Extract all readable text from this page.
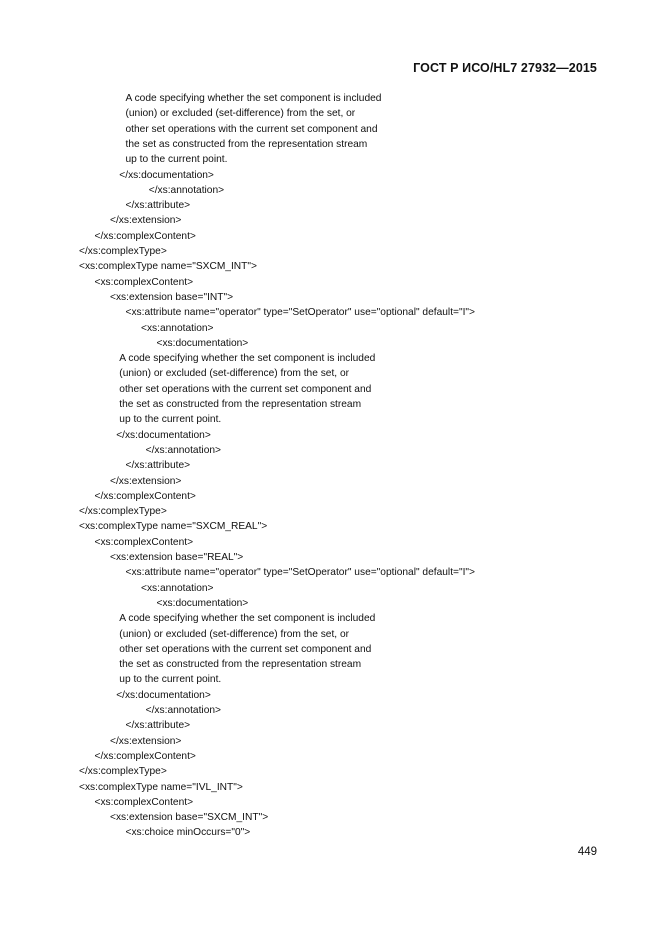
ГОСТ Р ИСО/HL7 27932—2015
A code specifying whether the set component is included
(union) or excluded (set-difference) from the set, or
other set operations with the current set component and
the set as constructed from the representation stream
up to the current point.
</xs:documentation>
</xs:annotation>
</xs:attribute>
</xs:extension>
</xs:complexContent>
</xs:complexType>
<xs:complexType name="SXCM_INT">
<xs:complexContent>
<xs:extension base="INT">
<xs:attribute name="operator" type="SetOperator" use="optional" default="I">
<xs:annotation>
<xs:documentation>
A code specifying whether the set component is included
(union) or excluded (set-difference) from the set, or
other set operations with the current set component and
the set as constructed from the representation stream
up to the current point.
</xs:documentation>
</xs:annotation>
</xs:attribute>
</xs:extension>
</xs:complexContent>
</xs:complexType>
<xs:complexType name="SXCM_REAL">
<xs:complexContent>
<xs:extension base="REAL">
<xs:attribute name="operator" type="SetOperator" use="optional" default="I">
<xs:annotation>
<xs:documentation>
A code specifying whether the set component is included
(union) or excluded (set-difference) from the set, or
other set operations with the current set component and
the set as constructed from the representation stream
up to the current point.
</xs:documentation>
</xs:annotation>
</xs:attribute>
</xs:extension>
</xs:complexContent>
</xs:complexType>
<xs:complexType name="IVL_INT">
<xs:complexContent>
<xs:extension base="SXCM_INT">
<xs:choice minOccurs="0">
449
